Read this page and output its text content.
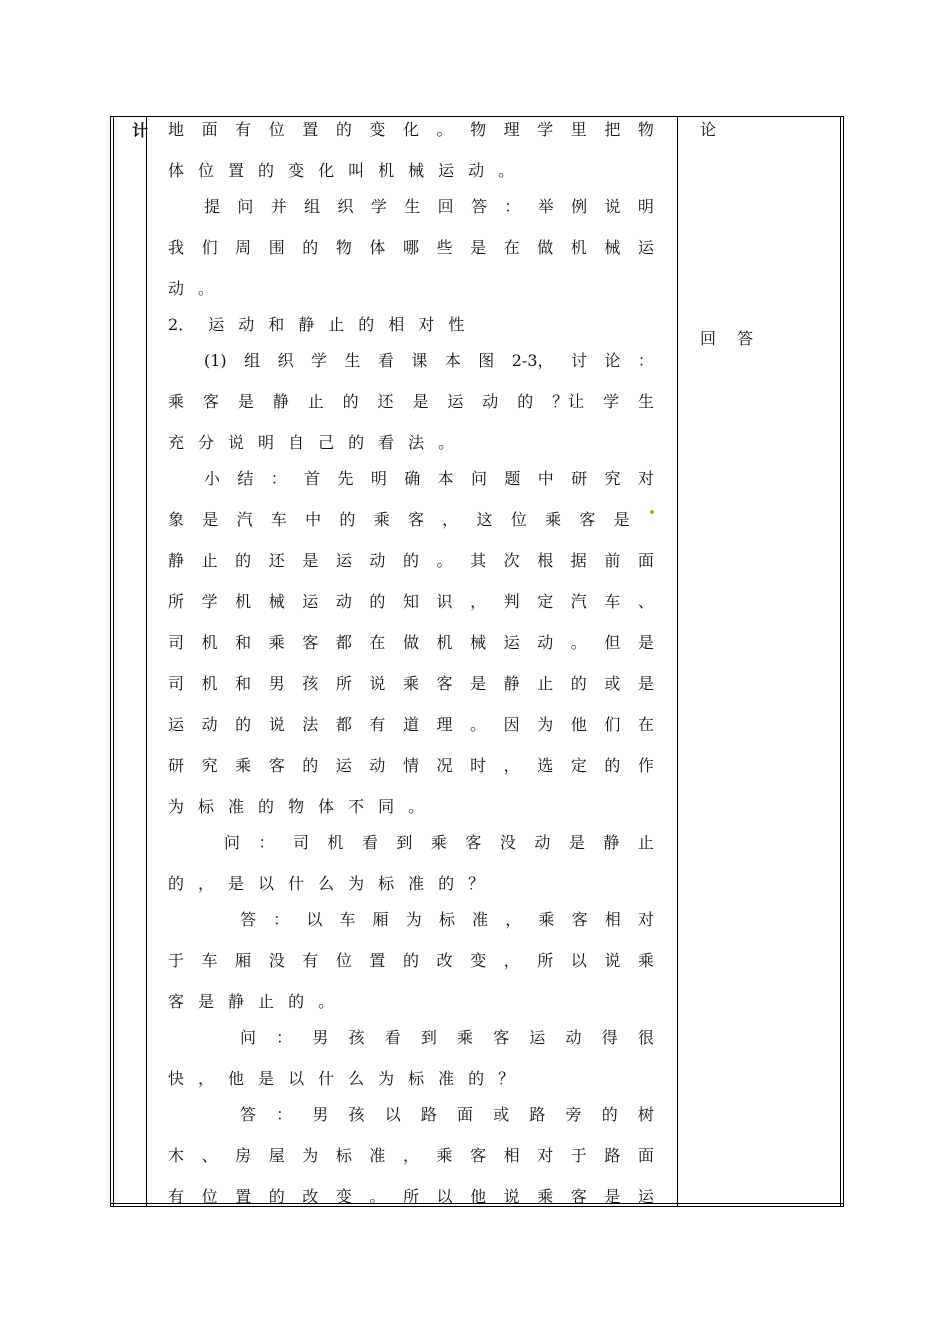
计	论
回 答
地 面 有 位 置 的 变 化 。 物 理 学 里 把 物
体 位 置 的 变 化 叫 机 械 运 动 。
提 问 并 组 织 学 生 回 答 ： 举 例 说 明
我 们 周 围 的 物 体 哪 些 是 在 做 机 械 运
动 。
2． 运 动 和 静 止 的 相 对 性
(1) 组 织 学 生 看 课 本 图 2-3， 讨 论 ：
乘 客 是 静 止 的 还 是 运 动 的 ？让 学 生
充 分 说 明 自 己 的 看 法 。
小 结 ： 首 先 明 确 本 问 题 中 研 究 对
象 是 汽 车 中 的 乘 客 ， 这 位 乘 客 是
静 止 的 还 是 运 动 的 。 其 次 根 据 前 面
所 学 机 械 运 动 的 知 识 ， 判 定 汽 车 、
司 机 和 乘 客 都 在 做 机 械 运 动 。 但 是
司 机 和 男 孩 所 说 乘 客 是 静 止 的 或 是
运 动 的 说 法 都 有 道 理 。 因 为 他 们 在
研 究 乘 客 的 运 动 情 况 时 ， 选 定 的 作
为 标 准 的 物 体 不 同 。
问 ： 司 机 看 到 乘 客 没 动 是 静 止
的 ， 是 以 什 么 为 标 准 的 ？
答 ： 以 车 厢 为 标 准 ， 乘 客 相 对
于 车 厢 没 有 位 置 的 改 变 ， 所 以 说 乘
客 是 静 止 的 。
问 ： 男 孩 看 到 乘 客 运 动 得 很
快 ， 他 是 以 什 么 为 标 准 的 ？
答 ： 男 孩 以 路 面 或 路 旁 的 树
木 、 房 屋 为 标 准 ， 乘 客 相 对 于 路 面
有 位 置 的 改 变 。 所 以 他 说 乘 客 是 运
